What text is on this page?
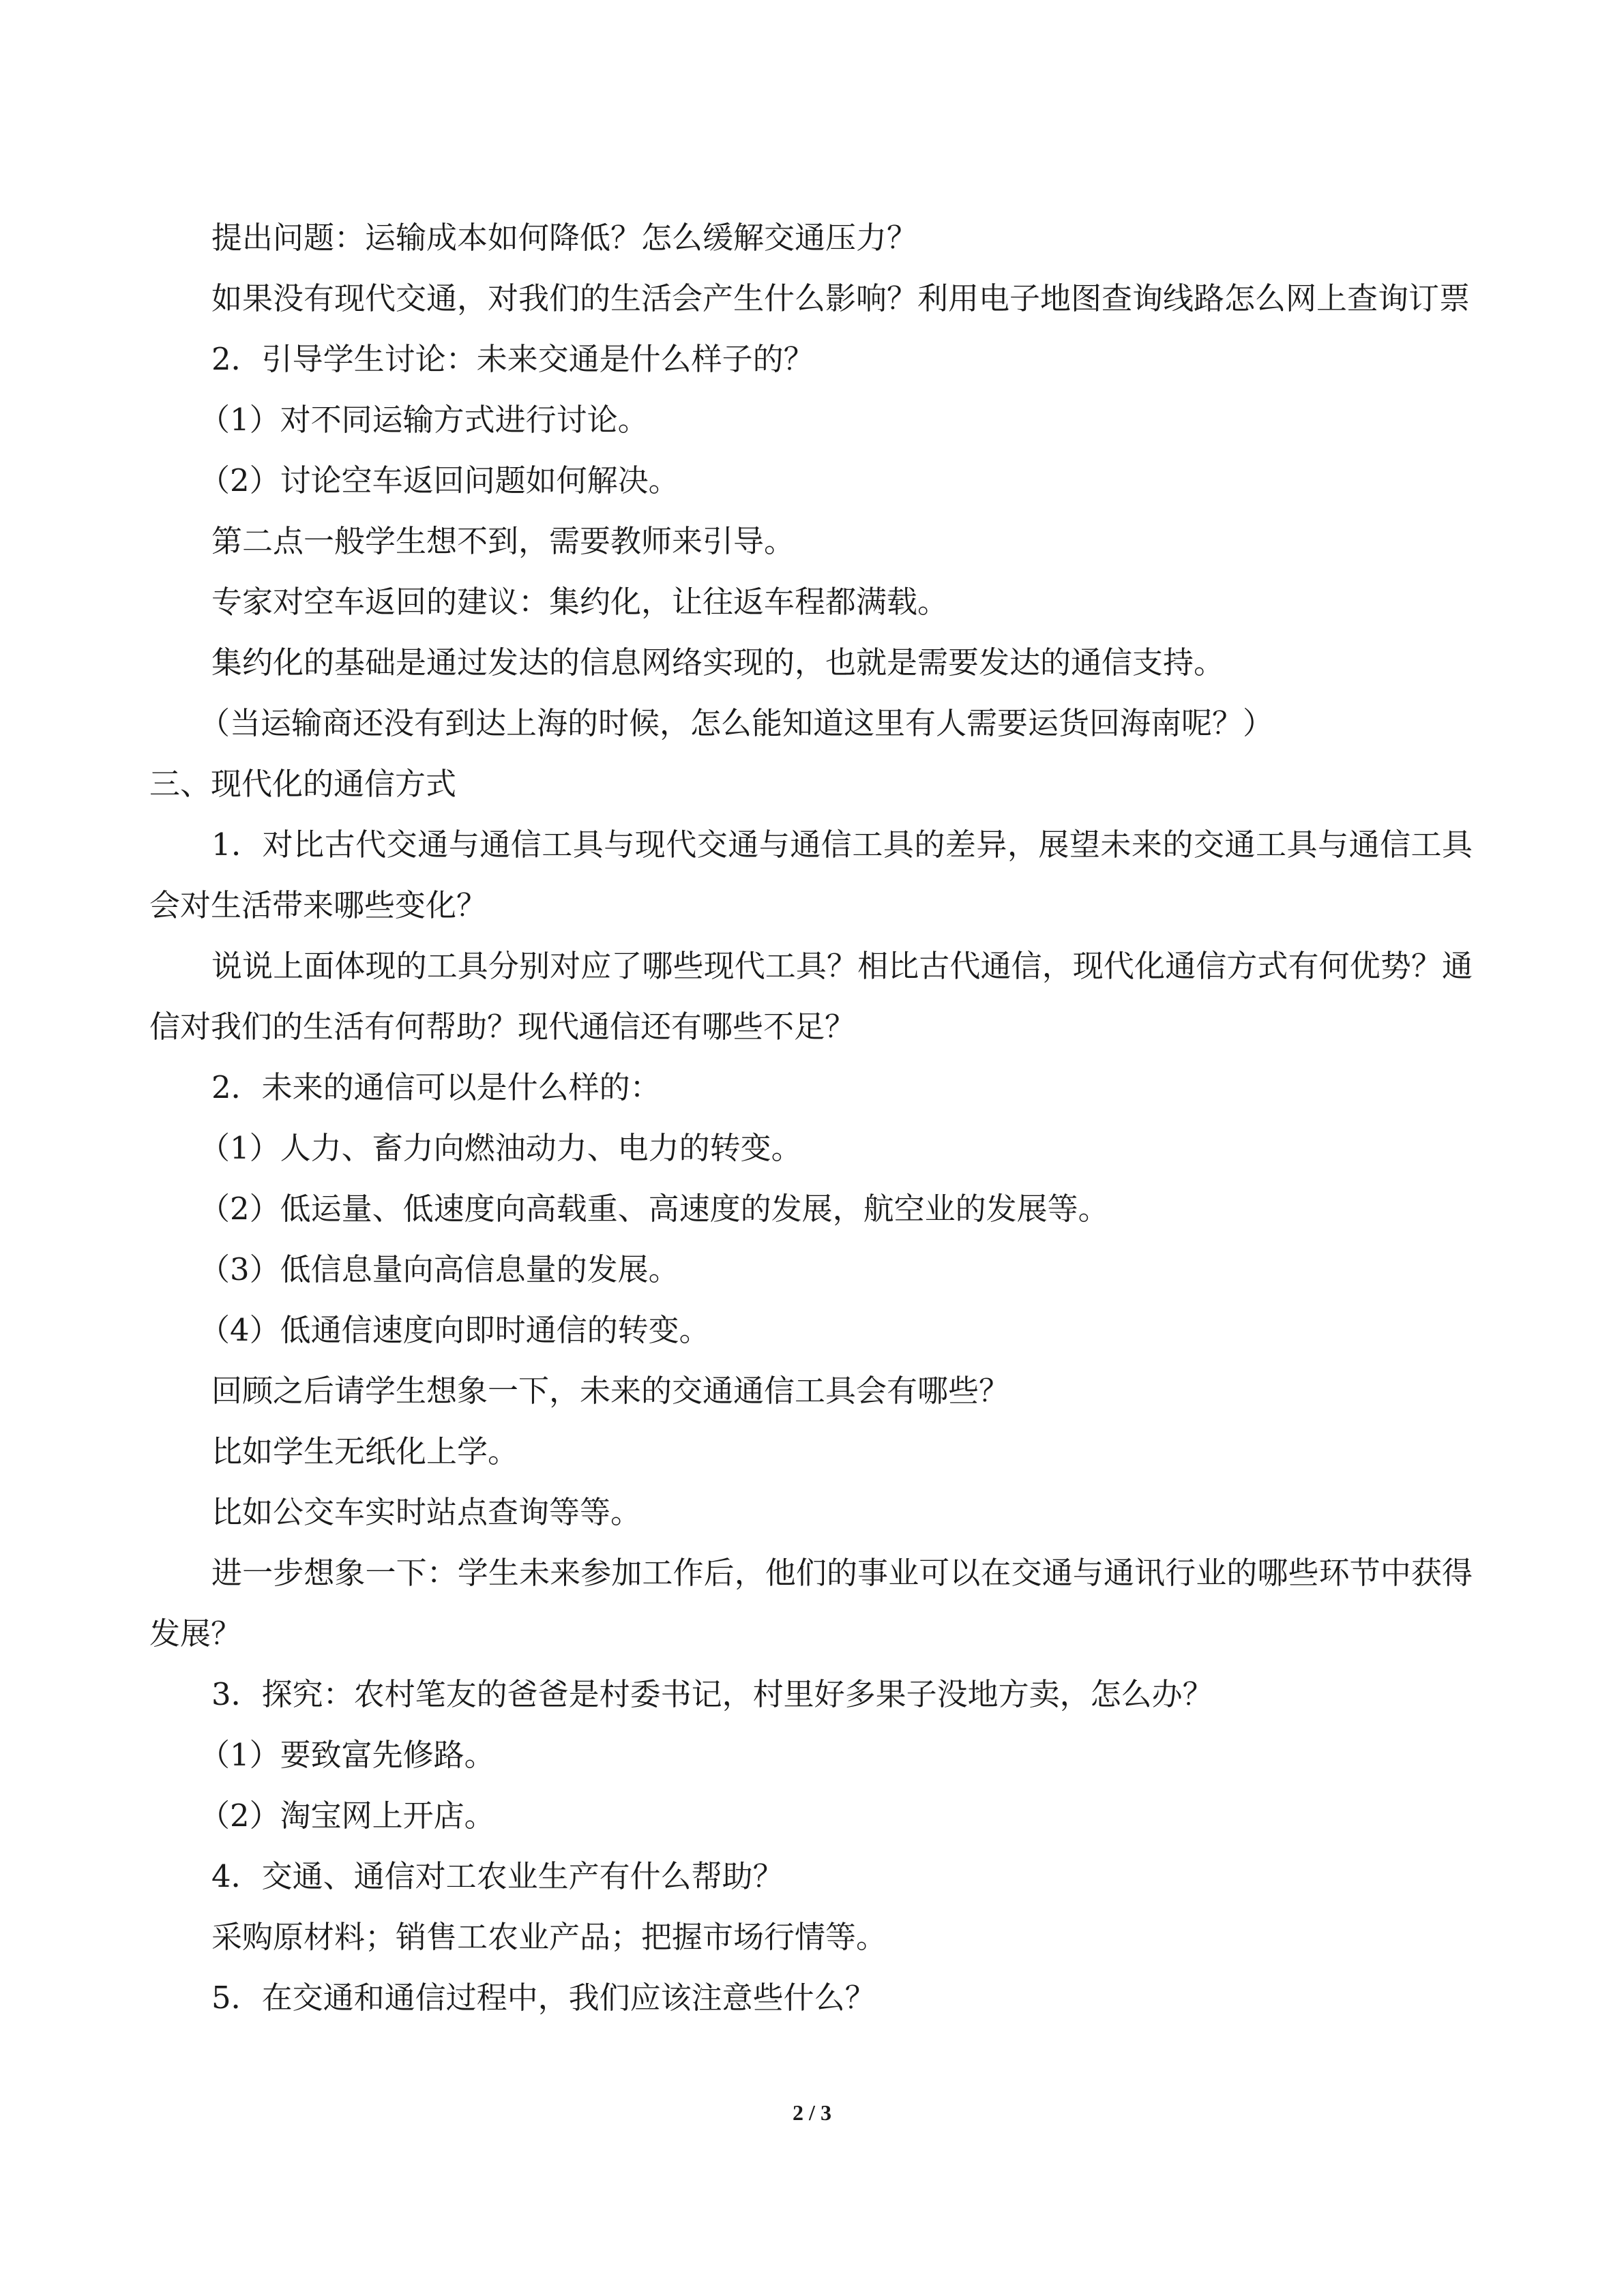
提出问题：运输成本如何降低？怎么缓解交通压力？

如果没有现代交通，对我们的生活会产生什么影响？利用电子地图查询线路怎么网上查询订票

2．引导学生讨论：未来交通是什么样子的？

（1）对不同运输方式进行讨论。

（2）讨论空车返回问题如何解决。

第二点一般学生想不到，需要教师来引导。

专家对空车返回的建议：集约化，让往返车程都满载。

集约化的基础是通过发达的信息网络实现的，也就是需要发达的通信支持。

（当运输商还没有到达上海的时候，怎么能知道这里有人需要运货回海南呢？）

三、现代化的通信方式

1．对比古代交通与通信工具与现代交通与通信工具的差异，展望未来的交通工具与通信工具会对生活带来哪些变化？

说说上面体现的工具分别对应了哪些现代工具？相比古代通信，现代化通信方式有何优势？通信对我们的生活有何帮助？现代通信还有哪些不足？

2．未来的通信可以是什么样的：

（1）人力、畜力向燃油动力、电力的转变。

（2）低运量、低速度向高载重、高速度的发展，航空业的发展等。

（3）低信息量向高信息量的发展。

（4）低通信速度向即时通信的转变。

回顾之后请学生想象一下，未来的交通通信工具会有哪些？

比如学生无纸化上学。

比如公交车实时站点查询等等。

进一步想象一下：学生未来参加工作后，他们的事业可以在交通与通讯行业的哪些环节中获得发展？

3．探究：农村笔友的爸爸是村委书记，村里好多果子没地方卖，怎么办？

（1）要致富先修路。

（2）淘宝网上开店。

4．交通、通信对工农业生产有什么帮助？

采购原材料；销售工农业产品；把握市场行情等。

5．在交通和通信过程中，我们应该注意些什么？

2 / 3
